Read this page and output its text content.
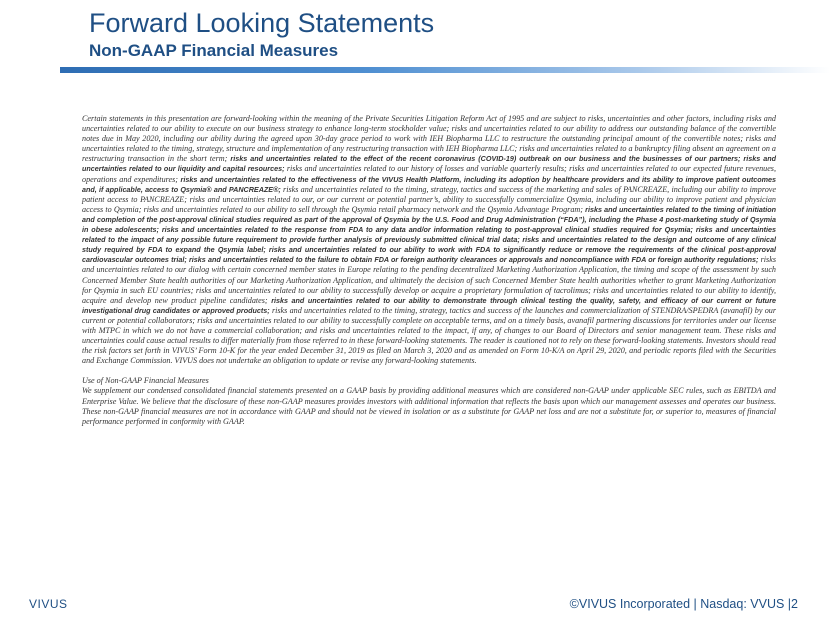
Forward Looking Statements
Non-GAAP Financial Measures

Certain statements in this presentation are forward-looking within the meaning of the Private Securities Litigation Reform Act of 1995 and are subject to risks, uncertainties and other factors, including risks and uncertainties related to our ability to execute on our business strategy to enhance long-term stockholder value; risks and uncertainties related to our ability to address our outstanding balance of the convertible notes due in May 2020, including our ability during the agreed upon 30-day grace period to work with IEH Biopharma LLC to restructure the outstanding principal amount of the convertible notes; risks and uncertainties related to the timing, strategy, structure and implementation of any restructuring transaction with IEH Biopharma LLC; risks and uncertainties related to a bankruptcy filing absent an agreement on a restructuring transaction in the short term; risks and uncertainties related to the effect of the recent coronavirus (COVID-19) outbreak on our business and the businesses of our partners; risks and uncertainties related to our liquidity and capital resources; risks and uncertainties related to our history of losses and variable quarterly results; risks and uncertainties related to our expected future revenues, operations and expenditures; risks and uncertainties related to the effectiveness of the VIVUS Health Platform, including its adoption by healthcare providers and its ability to improve patient outcomes and, if applicable, access to Qsymia® and PANCREAZE®; risks and uncertainties related to the timing, strategy, tactics and success of the marketing and sales of PANCREAZE, including our ability to improve patient access to PANCREAZE; risks and uncertainties related to our, or our current or potential partner’s, ability to successfully commercialize Qsymia, including our ability to improve patient and physician access to Qsymia; risks and uncertainties related to our ability to sell through the Qsymia retail pharmacy network and the Qsymia Advantage Program; risks and uncertainties related to the timing of initiation and completion of the post-approval clinical studies required as part of the approval of Qsymia by the U.S. Food and Drug Administration (“FDA”), including the Phase 4 post-marketing study of Qsymia in obese adolescents; risks and uncertainties related to the response from FDA to any data and/or information relating to post-approval clinical studies required for Qsymia; risks and uncertainties related to the impact of any possible future requirement to provide further analysis of previously submitted clinical trial data; risks and uncertainties related to the design and outcome of any clinical study required by FDA to expand the Qsymia label; risks and uncertainties related to our ability to work with FDA to significantly reduce or remove the requirements of the clinical post-approval cardiovascular outcomes trial; risks and uncertainties related to the failure to obtain FDA or foreign authority clearances or approvals and noncompliance with FDA or foreign authority regulations; risks and uncertainties related to our dialog with certain concerned member states in Europe relating to the pending decentralized Marketing Authorization Application, the timing and scope of the assessment by such Concerned Member State health authorities of our Marketing Authorization Application, and ultimately the decision of such Concerned Member State health authorities whether to grant Marketing Authorization for Qsymia in such EU countries; risks and uncertainties related to our ability to successfully develop or acquire a proprietary formulation of tacrolimus; risks and uncertainties related to our ability to identify, acquire and develop new product pipeline candidates; risks and uncertainties related to our ability to demonstrate through clinical testing the quality, safety, and efficacy of our current or future investigational drug candidates or approved products; risks and uncertainties related to the timing, strategy, tactics and success of the launches and commercialization of STENDRA/SPEDRA (avanafil) by our current or potential collaborators; risks and uncertainties related to our ability to successfully complete on acceptable terms, and on a timely basis, avanafil partnering discussions for territories under our license with MTPC in which we do not have a commercial collaboration; and risks and uncertainties related to the impact, if any, of changes to our Board of Directors and senior management team. These risks and uncertainties could cause actual results to differ materially from those referred to in these forward-looking statements. The reader is cautioned not to rely on these forward-looking statements. Investors should read the risk factors set forth in VIVUS’ Form 10-K for the year ended December 31, 2019 as filed on March 3, 2020 and as amended on Form 10-K/A on April 29, 2020, and periodic reports filed with the Securities and Exchange Commission. VIVUS does not undertake an obligation to update or revise any forward-looking statements.

Use of Non-GAAP Financial Measures

We supplement our condensed consolidated financial statements presented on a GAAP basis by providing additional measures which are considered non-GAAP under applicable SEC rules, such as EBITDA and Enterprise Value. We believe that the disclosure of these non-GAAP measures provides investors with additional information that reflects the basis upon which our management assesses and operates our business. These non-GAAP financial measures are not in accordance with GAAP and should not be viewed in isolation or as a substitute for GAAP net loss and are not a substitute for, or superior to, measures of financial performance performed in conformity with GAAP.

VIVUS	©VIVUS Incorporated | Nasdaq: VVUS |2
